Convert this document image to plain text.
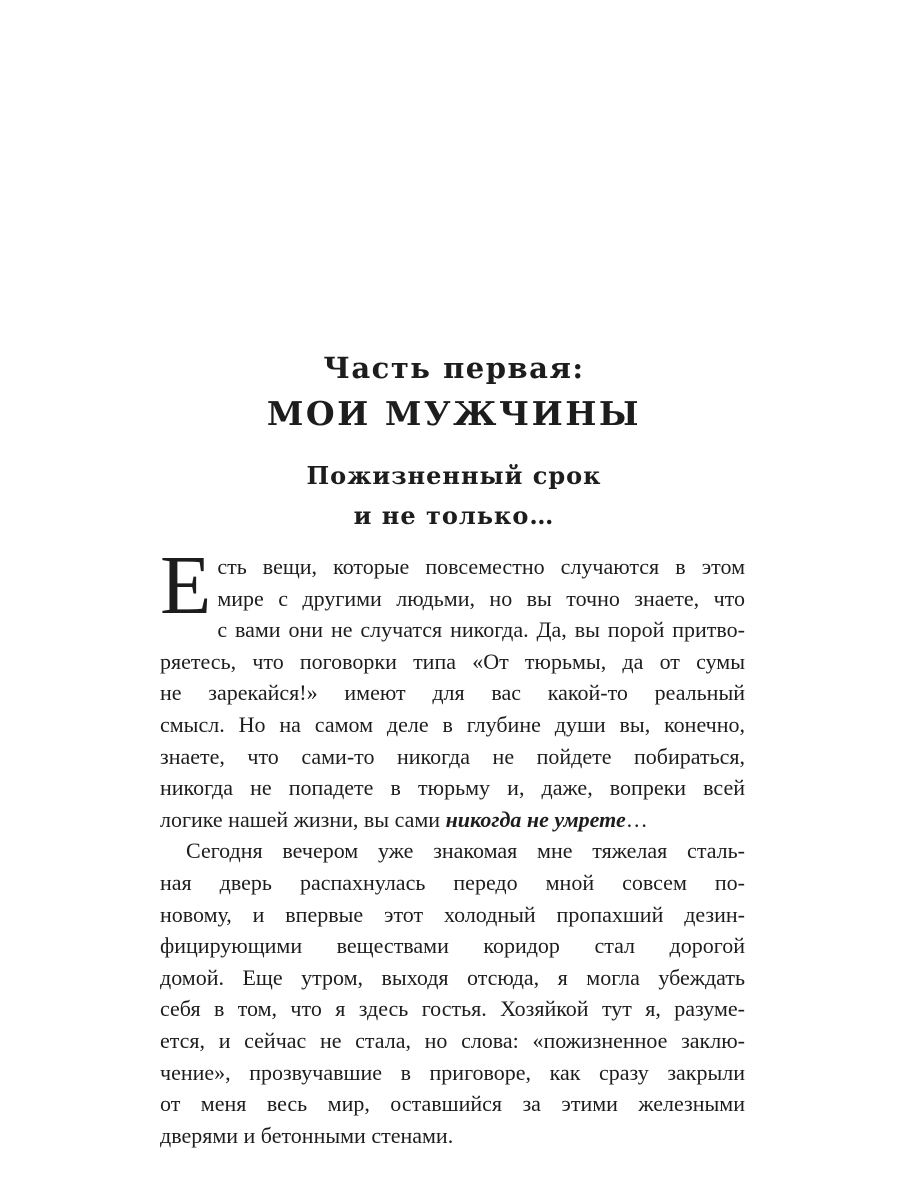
Часть первая:
МОИ МУЖЧИНЫ
Пожизненный срок
и не только…
Е сть вещи, которые повсеместно случаются в этом
мире с другими людьми, но вы точно знаете, что
с вами они не случатся никогда. Да, вы порой притво-
ряетесь, что поговорки типа «От тюрьмы, да от сумы
не зарекайся!» имеют для вас какой-то реальный
смысл. Но на самом деле в глубине души вы, конечно,
знаете, что сами-то никогда не пойдете побираться,
никогда не попадете в тюрьму и, даже, вопреки всей
логике нашей жизни, вы сами никогда не умрете…
Сегодня вечером уже знакомая мне тяжелая сталь-
ная дверь распахнулась передо мной совсем по-
новому, и впервые этот холодный пропахший дезин-
фицирующими веществами коридор стал дорогой
домой. Еще утром, выходя отсюда, я могла убеждать
себя в том, что я здесь гостья. Хозяйкой тут я, разуме-
ется, и сейчас не стала, но слова: «пожизненное заклю-
чение», прозвучавшие в приговоре, как сразу закрыли
от меня весь мир, оставшийся за этими железными
дверями и бетонными стенами.
